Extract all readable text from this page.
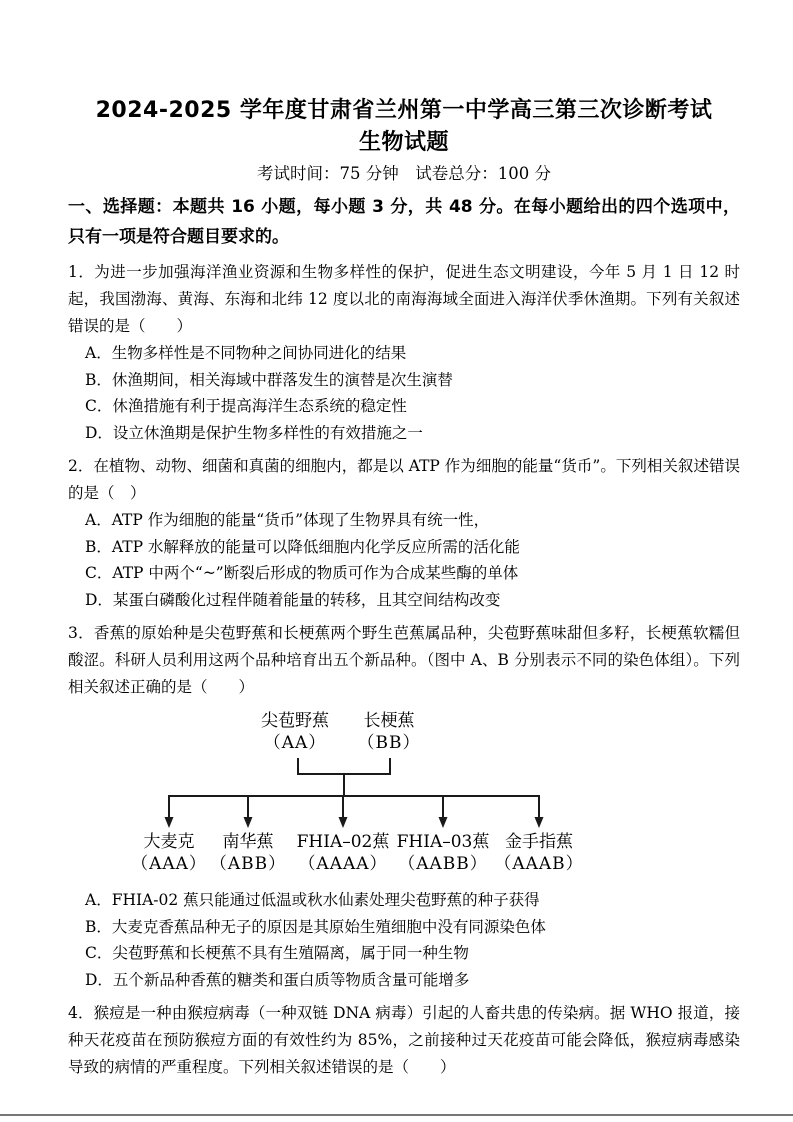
2024-2025 学年度甘肃省兰州第一中学高三第三次诊断考试
生物试题
考试时间：75 分钟　试卷总分：100 分
一、选择题：本题共 16 小题，每小题 3 分，共 48 分。在每小题给出的四个选项中，只有一项是符合题目要求的。

1．为进一步加强海洋渔业资源和生物多样性的保护，促进生态文明建设，今年 5 月 1 日 12 时起，我国渤海、黄海、东海和北纬 12 度以北的南海海域全面进入海洋伏季休渔期。下列有关叙述错误的是（　　）

A．生物多样性是不同物种之间协同进化的结果
B．休渔期间，相关海域中群落发生的演替是次生演替
C．休渔措施有利于提高海洋生态系统的稳定性
D．设立休渔期是保护生物多样性的有效措施之一

2．在植物、动物、细菌和真菌的细胞内，都是以 ATP 作为细胞的能量“货币”。下列相关叙述错误的是（　）

A．ATP 作为细胞的能量“货币”体现了生物界具有统一性，
B．ATP 水解释放的能量可以降低细胞内化学反应所需的活化能
C．ATP 中两个“~”断裂后形成的物质可作为合成某些酶的单体
D．某蛋白磷酸化过程伴随着能量的转移，且其空间结构改变

3．香蕉的原始种是尖苞野蕉和长梗蕉两个野生芭蕉属品种，尖苞野蕉味甜但多籽，长梗蕉软糯但酸涩。科研人员利用这两个品种培育出五个新品种。（图中 A、B 分别表示不同的染色体组）。下列相关叙述正确的是（　　）

尖苞野蕉
（AA）
长梗蕉
（BB）
大麦克
（AAA）
南华蕉
（ABB）
FHIA–02蕉
（AAAA）
FHIA–03蕉
（AABB）
金手指蕉
（AAAB）
A．FHIA-02 蕉只能通过低温或秋水仙素处理尖苞野蕉的种子获得
B．大麦克香蕉品种无子的原因是其原始生殖细胞中没有同源染色体
C．尖苞野蕉和长梗蕉不具有生殖隔离，属于同一种生物
D．五个新品种香蕉的糖类和蛋白质等物质含量可能增多

4．猴痘是一种由猴痘病毒（一种双链 DNA 病毒）引起的人畜共患的传染病。据 WHO 报道，接种天花疫苗在预防猴痘方面的有效性约为 85%，之前接种过天花疫苗可能会降低，猴痘病毒感染导致的病情的严重程度。下列相关叙述错误的是（　　）
